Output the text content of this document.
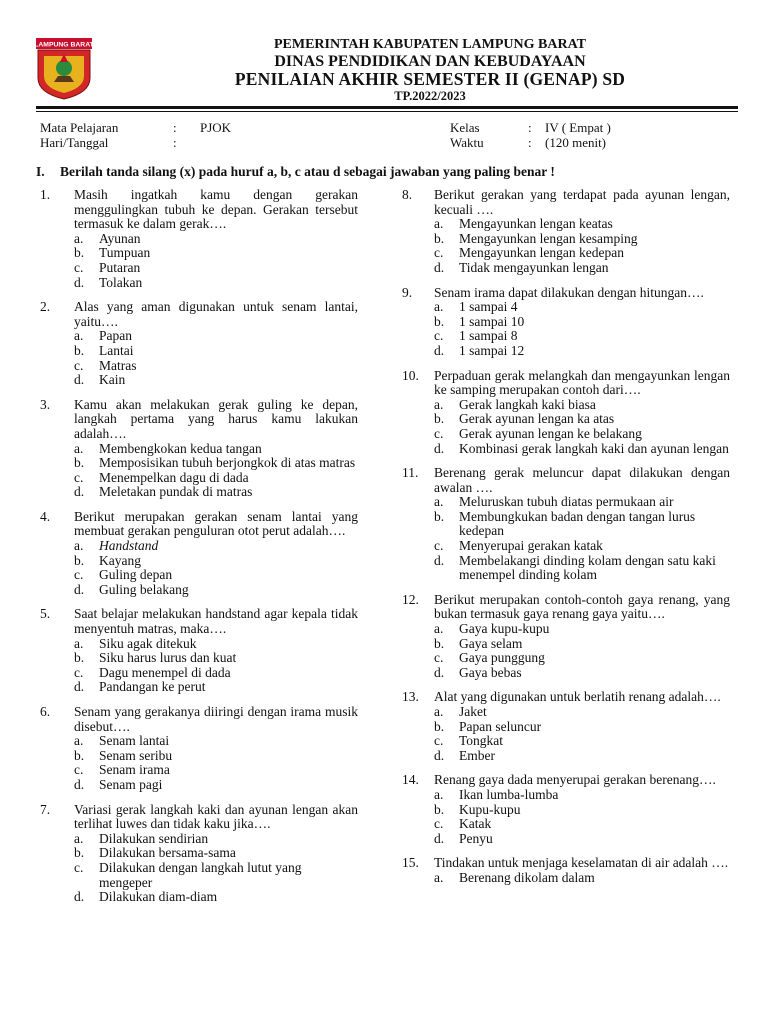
LAMPUNG BARAT	PEMERINTAH KABUPATEN LAMPUNG BARAT
DINAS PENDIDIKAN DAN KEBUDAYAAN
PENILAIAN AKHIR SEMESTER II (GENAP) SD
TP.2022/2023
Mata Pelajaran	: PJOK
Hari/Tanggal	:
Kelas	: IV ( Empat )
Waktu	: (120 menit)
I. Berilah tanda silang (x) pada huruf a, b, c atau d sebagai jawaban yang paling benar !
1. Masih ingatkah kamu dengan gerakan menggulingkan tubuh ke depan. Gerakan tersebut termasuk ke dalam gerak….
a. Ayunan
b. Tumpuan
c. Putaran
d. Tolakan
2. Alas yang aman digunakan untuk senam lantai, yaitu….
a. Papan
b. Lantai
c. Matras
d. Kain
3. Kamu akan melakukan gerak guling ke depan, langkah pertama yang harus kamu lakukan adalah….
a. Membengkokan kedua tangan
b. Memposisikan tubuh berjongkok di atas matras
c. Menempelkan dagu di dada
d. Meletakan pundak di matras
4. Berikut merupakan gerakan senam lantai yang membuat gerakan penguluran otot perut adalah….
a. Handstand
b. Kayang
c. Guling depan
d. Guling belakang
5. Saat belajar melakukan handstand agar kepala tidak menyentuh matras, maka….
a. Siku agak ditekuk
b. Siku harus lurus dan kuat
c. Dagu menempel di dada
d. Pandangan ke perut
6. Senam yang gerakanya diiringi dengan irama musik disebut….
a. Senam lantai
b. Senam seribu
c. Senam irama
d. Senam pagi
7. Variasi gerak langkah kaki dan ayunan lengan akan terlihat luwes dan tidak kaku jika….
a. Dilakukan sendirian
b. Dilakukan bersama-sama
c. Dilakukan dengan langkah lutut yang mengeper
d. Dilakukan diam-diam
8. Berikut gerakan yang terdapat pada ayunan lengan, kecuali ….
a. Mengayunkan lengan keatas
b. Mengayunkan lengan kesamping
c. Mengayunkan lengan kedepan
d. Tidak mengayunkan lengan
9. Senam irama dapat dilakukan dengan hitungan….
a. 1 sampai 4
b. 1 sampai 10
c. 1 sampai 8
d. 1 sampai 12
10. Perpaduan gerak melangkah dan mengayunkan lengan ke samping merupakan contoh dari….
a. Gerak langkah kaki biasa
b. Gerak ayunan lengan ka atas
c. Gerak ayunan lengan ke belakang
d. Kombinasi gerak langkah kaki dan ayunan lengan
11. Berenang gerak meluncur dapat dilakukan dengan awalan ….
a. Meluruskan tubuh diatas permukaan air
b. Membungkukan badan dengan tangan lurus kedepan
c. Menyerupai gerakan katak
d. Membelakangi dinding kolam dengan satu kaki menempel dinding kolam
12. Berikut merupakan contoh-contoh gaya renang, yang bukan termasuk gaya renang gaya yaitu….
a. Gaya kupu-kupu
b. Gaya selam
c. Gaya punggung
d. Gaya bebas
13. Alat yang digunakan untuk berlatih renang adalah….
a. Jaket
b. Papan seluncur
c. Tongkat
d. Ember
14. Renang gaya dada menyerupai gerakan berenang….
a. Ikan lumba-lumba
b. Kupu-kupu
c. Katak
d. Penyu
15. Tindakan untuk menjaga keselamatan di air adalah ….
a. Berenang dikolam dalam
